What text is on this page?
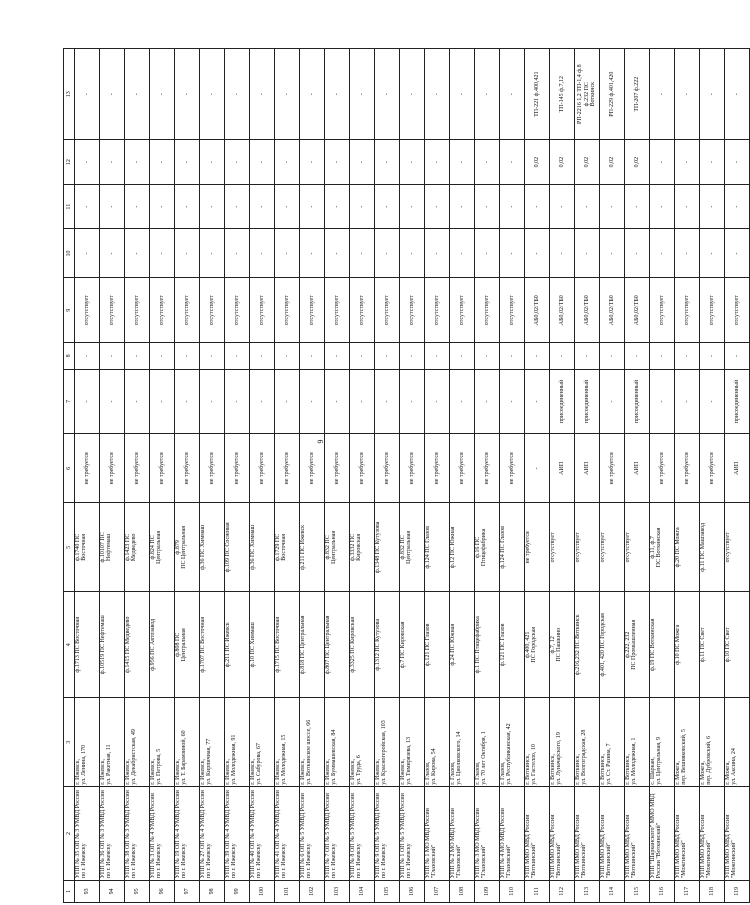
6
1	2	3	4	5	6	7	8	9	10	11	12	13
93	УПП № 35 ОП № 3 УМВД России по г. Ижевску	г. Ижевск,
ул. Ленина, 170	ф.1713 ПС Восточная	ф.1740 ПС
Восточная	не требуется	-	-	отсутствует	-	-	-	-
94	УПП № 36 ОП № 3 УМВД России по г. Ижевску	г. Ижевск,
ул. Ракетная, 11	ф.10519 ПС Нефтемаш	ф.10107 ПС
Нефтемаш	не требуется	-	-	отсутствует	-	-	-	-
95	УПП № 38 ОП № 3 УМВД России по г. Ижевску	г. Ижевск,
ул. Декабристская, 49	ф.1415 ПС Медведево	ф.1423 ПС
Медведево	не требуется	-	-	отсутствует	-	-	-	-
96	УПП № 3 ОП № 4 УМВД России по г. Ижевску	г. Ижевск,
ул. Петрова, 5	ф.956 ПС Автозавод	ф.824 ПС
Центральная	не требуется	-	-	отсутствует	-	-	-	-
97	УПП № 19 ОП № 4 УМВД России по г. Ижевску	г. Ижевск,
ул. Т. Барамзиной, 60	ф.808 ПС
Центральная	ф.879
ПС Центральная	не требуется	-	-	отсутствует	-	-	-	-
98	УПП № 27 ОП № 4 УМВД России по г. Ижевску	г. Ижевск,
ул. Кирпичная, 77	ф.1707 ПС Восточная	ф.36 ПС Химмаш	не требуется	-	-	отсутствует	-	-	-	-
99	УПП № 39 ОП № 4 УМВД России по г. Ижевску	г. Ижевск,
ул. Молодежная, 91	ф.211 ПС Ижевск	ф.109 ПС Сосновая	не требуется	-	-	отсутствует	-	-	-	-
100	УПП № 40 ОП № 4 УМВД России по г. Ижевску	г. Ижевск,
ул. Сабурова, 67	ф.10 ПС Химмаш	ф.36 ПС Химмаш	не требуется	-	-	отсутствует	-	-	-	-
101	УПП № 41 ОП № 4 УМВД России по г. Ижевску	г. Ижевск,
ул. Молодежная, 15	ф.1715 ПС Восточная	ф.1729 ПС
Восточная	не требуется	-	-	отсутствует	-	-	-	-
102	УПП № 6 ОП № 5 УМВД России по г. Ижевску	г. Ижевск,
ул. Воткинское шоссе, 66	ф.818 ПС Центральная	ф.211 ПС Ижевск	не требуется	-	-	отсутствует	-	-	-	-
103	УПП № 7 ОП № 5 УМВД России по г. Ижевску	г. Ижевск,
ул. Буммашевская, 84	ф.807 ПС Центральная	ф.832 ПС
Центральная	не требуется	-	-	отсутствует	-	-	-	-
104	УПП № 8 ОП № 5 УМВД России по г. Ижевску	г. Ижевск,
ул. Труда, 6	ф.3325 ПС Кировская	ф.3332 ПС
Кировская	не требуется	-	-	отсутствует	-	-	-	-
105	УПП № 9 ОП № 5 УМВД России по г. Ижевску	г. Ижевск,
ул. Красногеройская, 103	ф.1312 ПС Кутузова	ф.1348 ПС Кутузова	не требуется	-	-	отсутствует	-	-	-	-
106	УПП № 1 ОП № 5 УМВД России по г. Ижевску	г. Ижевск,
ул. Тимирязева, 13	ф.7 ПС Кировская	ф.832 ПС
Центральная	не требуется	-	-	отсутствует	-	-	-	-
107	УПП № 1 МО МВД России "Глазовский"	г. Глазов,
ул. Кирова, 54	ф.121 ПС Глазов	ф.124 ПС Глазов	не требуется	-	-	отсутствует	-	-	-	-
108	УПП № 2 МО МВД России "Глазовский"	г. Глазов,
ул. Циолковского, 14	ф.24 ПС Южная	ф.12 ПС Южная	не требуется	-	-	отсутствует	-	-	-	-
109	УПП № 3 МО МВД России "Глазовский"	г. Глазов,
ул. 70 лет Октября, 1	ф.1 ПС Птицефабрика	ф.16 ПС
Птицефабрика	не требуется	-	-	отсутствует	-	-	-	-
110	УПП № 4 МО МВД России "Глазовский"	г. Глазов,
ул. Республиканская, 42	ф.121 ПС Глазов	ф.124 ПС Глазов	не требуется	-	-	отсутствует	-	-	-	-
111	УПП ММО МВД России "Воткинский"	г. Воткинск,
ул. Гастелло, 10	ф.400, 421
ПС Городская	не требуется	-	-	-	АБ0,02/ТБ0	-	-	0,02	ТП-221 ф.400,421
112	УПП ММО МВД России "Воткинский"	г. Воткинск,
ул. Луначарского, 19	ф.7, 12
ПС Пашкино	отсутствует	АИП	присоединенный	-	АБ0,02/ТБ0	-	-	0,02	ТП-145 ф.7,12
113	УПП ММО МВД России "Воткинский"	г. Воткинск,
ул. Волгоградская, 28	ф.216,232 ПС Воткинск	отсутствует	АИП	присоединенный	-	АБ0,02/ТБ0	-	-	0,02	РП-2216 1,2 ТП-1,4 ф.8
ф.232 ПС
Воткинск
114	УПП ММО МВД России "Воткинский"	г. Воткинск,
ул. Ст. Разина, 7	ф.401, 420 ПС Городская	отсутствует	не требуется	-	-	АБ0,02/ТБ0	-	-	0,02	РП-229 ф.401,420
115	УПП ММО МВД России "Воткинский"	г. Воткинск,
ул. Молодежная, 1	ф.222, 232
ПС Промышленная	отсутствует	АИП	присоединенный	-	АБ0,02/ТБ0	-	-	0,02	ТП-207 ф.222
116	УПП "Шарканского" ММО МВД России "Воткинский"	с. Шаркан,
ул. Центральная, 9	ф.19 ПС Воткинская	ф.11, ф.7
ПС Воткинская	не требуется	-	-	отсутствует	-	-	-	-
117	УПП ММО МВД России "Можгинский"	г. Можга,
пер. Вешняковский, 5	ф.10 ПС Можга	ф.20 ПС Можга	не требуется	-	-	отсутствует	-	-	-	-
118	УПП ММО МВД России "Можгинский"	г. Можга,
пер. Дубровский, 6	ф.11 ПС Свет	ф.11 ПС Машзавод	не требуется	-	-	отсутствует	-	-	-	-
119	УПП ММО МВД России "Можгинский"	г. Можга,
ул. Аксина, 24	ф.10 ПС Свет	отсутствует	АИП	присоединенный	-	отсутствует	-	-	-	-
